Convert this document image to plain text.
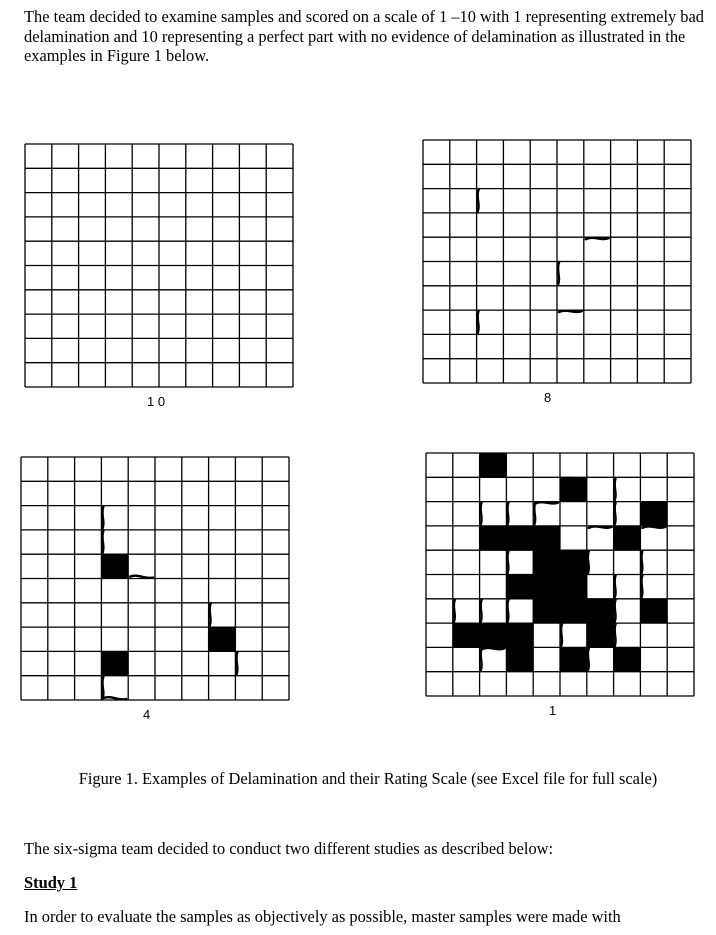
The team decided to examine samples and scored on a scale of 1 –10 with 1 representing extremely bad delamination and 10 representing a perfect part with no evidence of delamination as illustrated in the examples in Figure 1 below.

1 0	8
4	1
Figure 1. Examples of Delamination and their Rating Scale (see Excel file for full scale)

The six-sigma team decided to conduct two different studies as described below:

Study 1

In order to evaluate the samples as objectively as possible, master samples were made with
